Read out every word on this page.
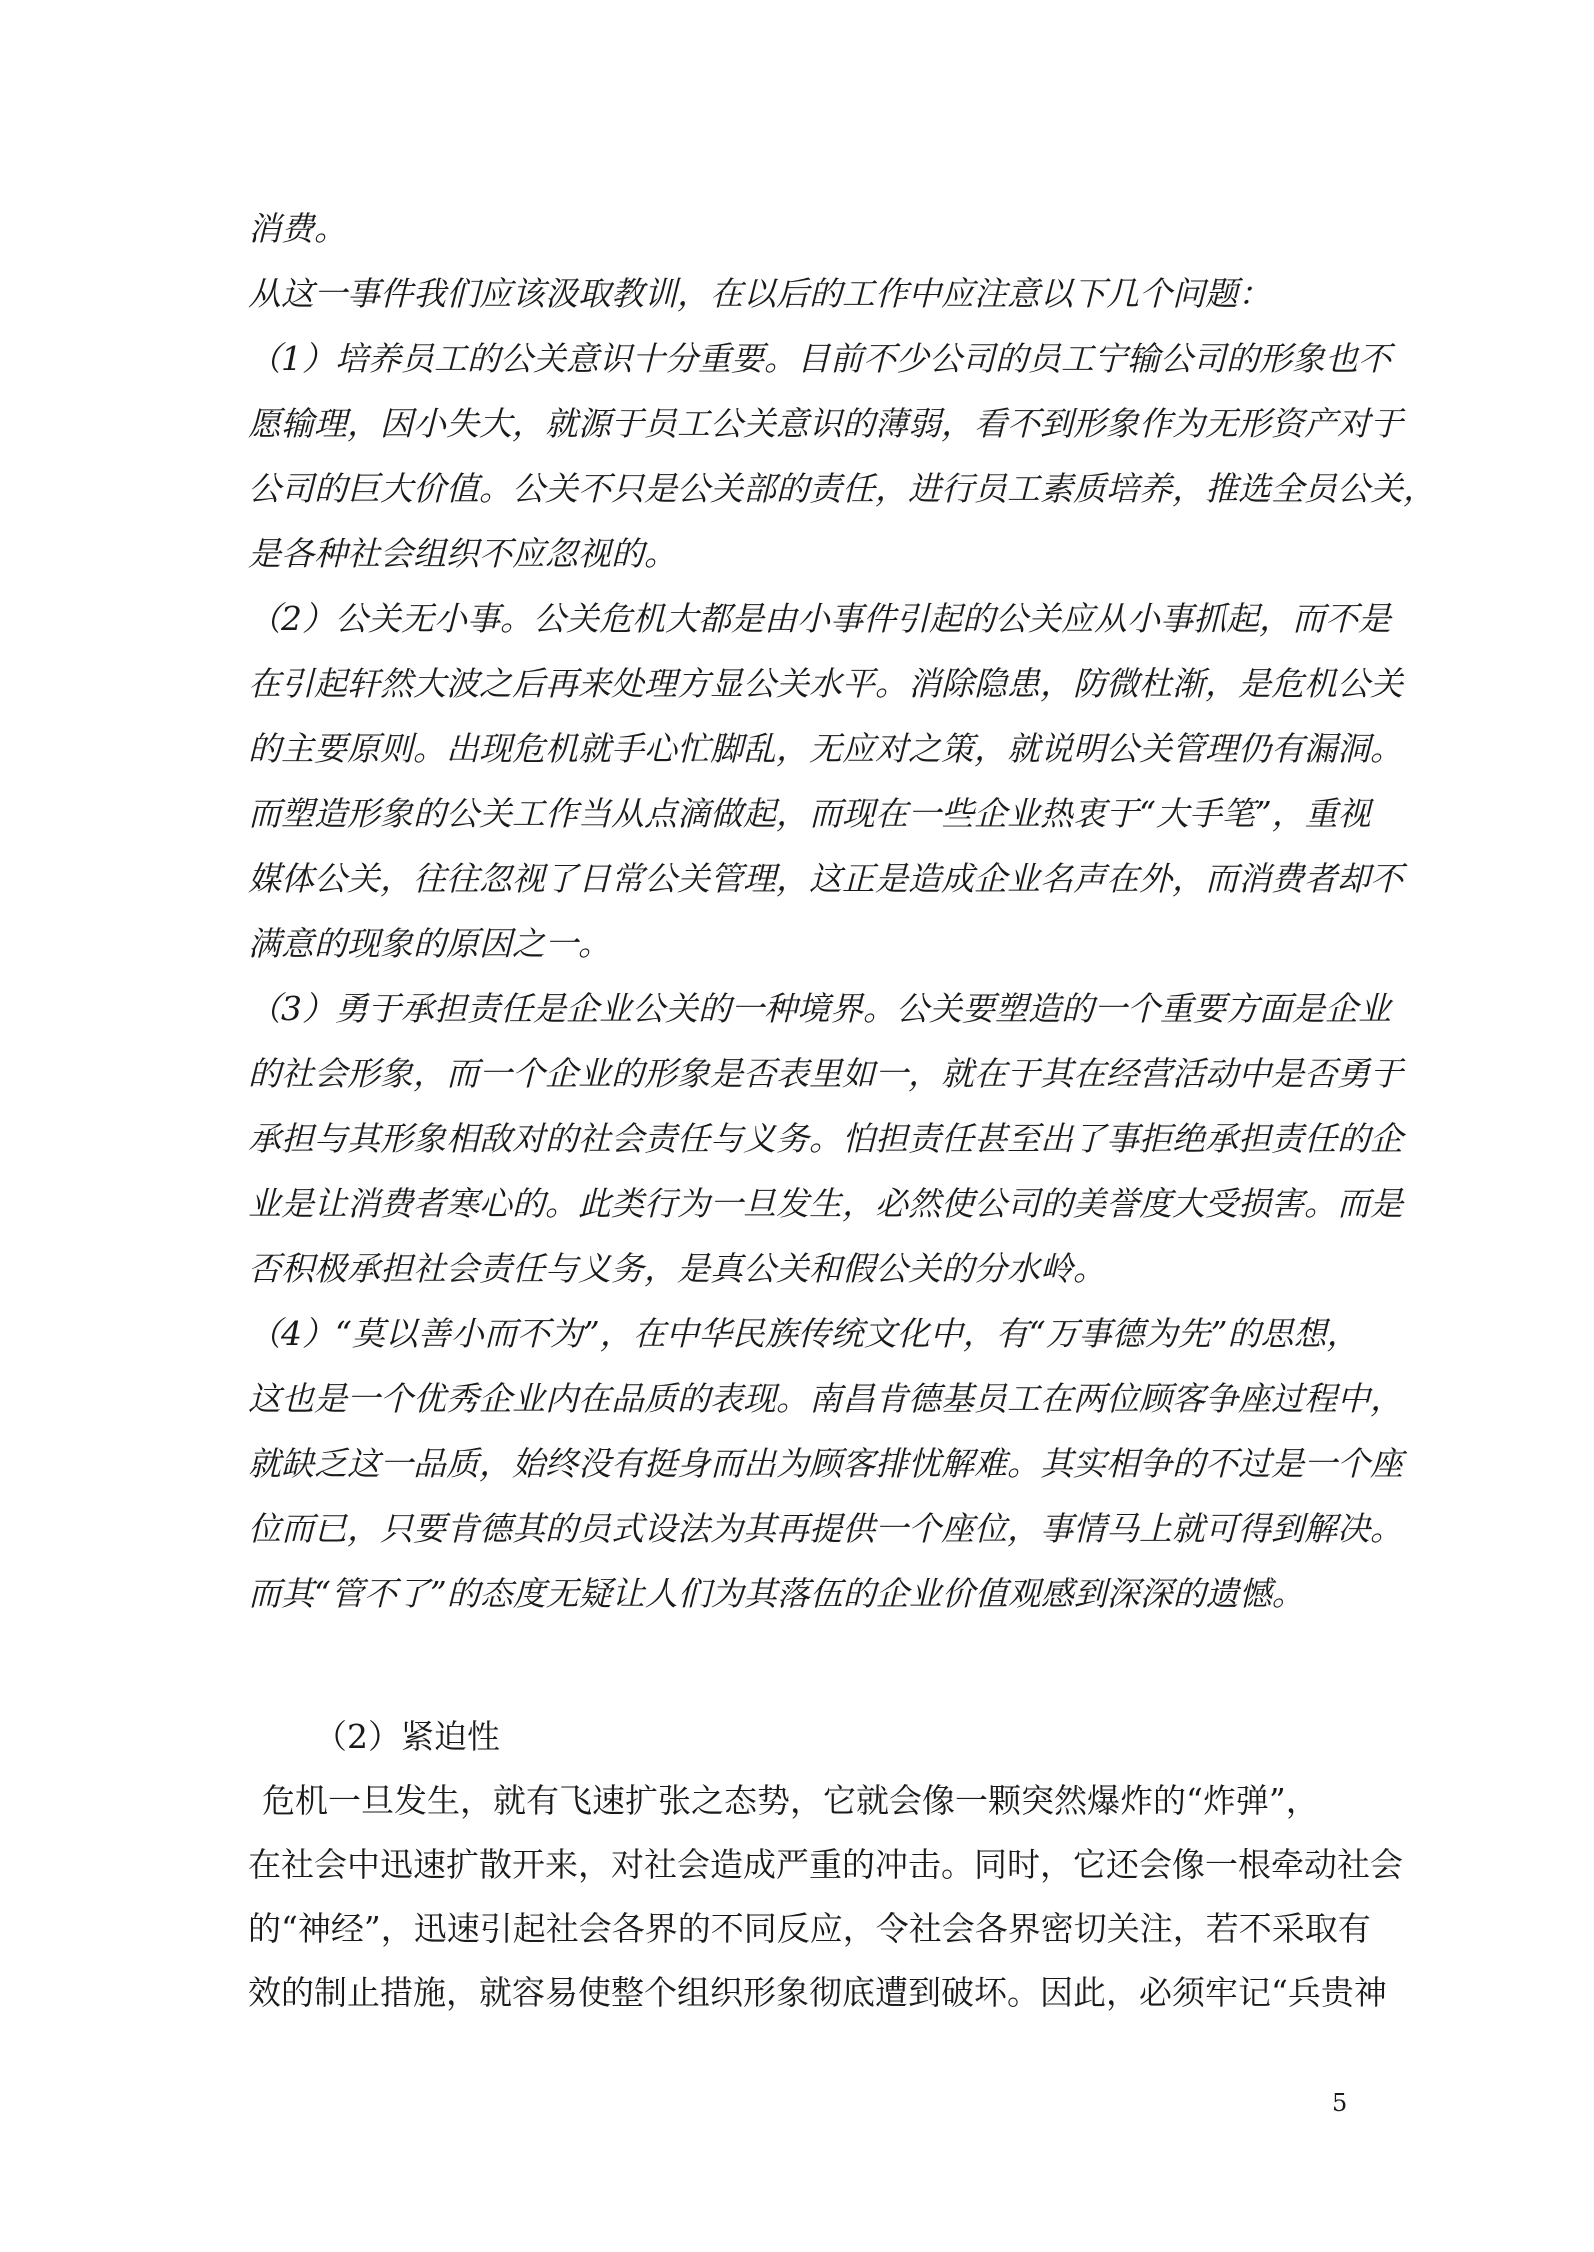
消费。

从这一事件我们应该汲取教训，在以后的工作中应注意以下几个问题：

（1）培养员工的公关意识十分重要。目前不少公司的员工宁输公司的形象也不

愿输理，因小失大，就源于员工公关意识的薄弱，看不到形象作为无形资产对于

公司的巨大价值。公关不只是公关部的责任，进行员工素质培养，推选全员公关，

是各种社会组织不应忽视的。

（2）公关无小事。公关危机大都是由小事件引起的公关应从小事抓起，而不是

在引起轩然大波之后再来处理方显公关水平。消除隐患，防微杜渐，是危机公关

的主要原则。出现危机就手心忙脚乱，无应对之策，就说明公关管理仍有漏洞。

而塑造形象的公关工作当从点滴做起，而现在一些企业热衷于“大手笔”，重视

媒体公关，往往忽视了日常公关管理，这正是造成企业名声在外，而消费者却不

满意的现象的原因之一。

（3）勇于承担责任是企业公关的一种境界。公关要塑造的一个重要方面是企业

的社会形象，而一个企业的形象是否表里如一，就在于其在经营活动中是否勇于

承担与其形象相敌对的社会责任与义务。怕担责任甚至出了事拒绝承担责任的企

业是让消费者寒心的。此类行为一旦发生，必然使公司的美誉度大受损害。而是

否积极承担社会责任与义务，是真公关和假公关的分水岭。

（4）“莫以善小而不为”，在中华民族传统文化中，有“万事德为先”的思想，

这也是一个优秀企业内在品质的表现。南昌肯德基员工在两位顾客争座过程中，

就缺乏这一品质，始终没有挺身而出为顾客排忧解难。其实相争的不过是一个座

位而已，只要肯德其的员式设法为其再提供一个座位，事情马上就可得到解决。

而其“管不了”的态度无疑让人们为其落伍的企业价值观感到深深的遗憾。

（2）紧迫性

危机一旦发生，就有飞速扩张之态势，它就会像一颗突然爆炸的“炸弹”，

在社会中迅速扩散开来，对社会造成严重的冲击。同时，它还会像一根牵动社会

的“神经”，迅速引起社会各界的不同反应，令社会各界密切关注，若不采取有

效的制止措施，就容易使整个组织形象彻底遭到破坏。因此，必须牢记“兵贵神

5
